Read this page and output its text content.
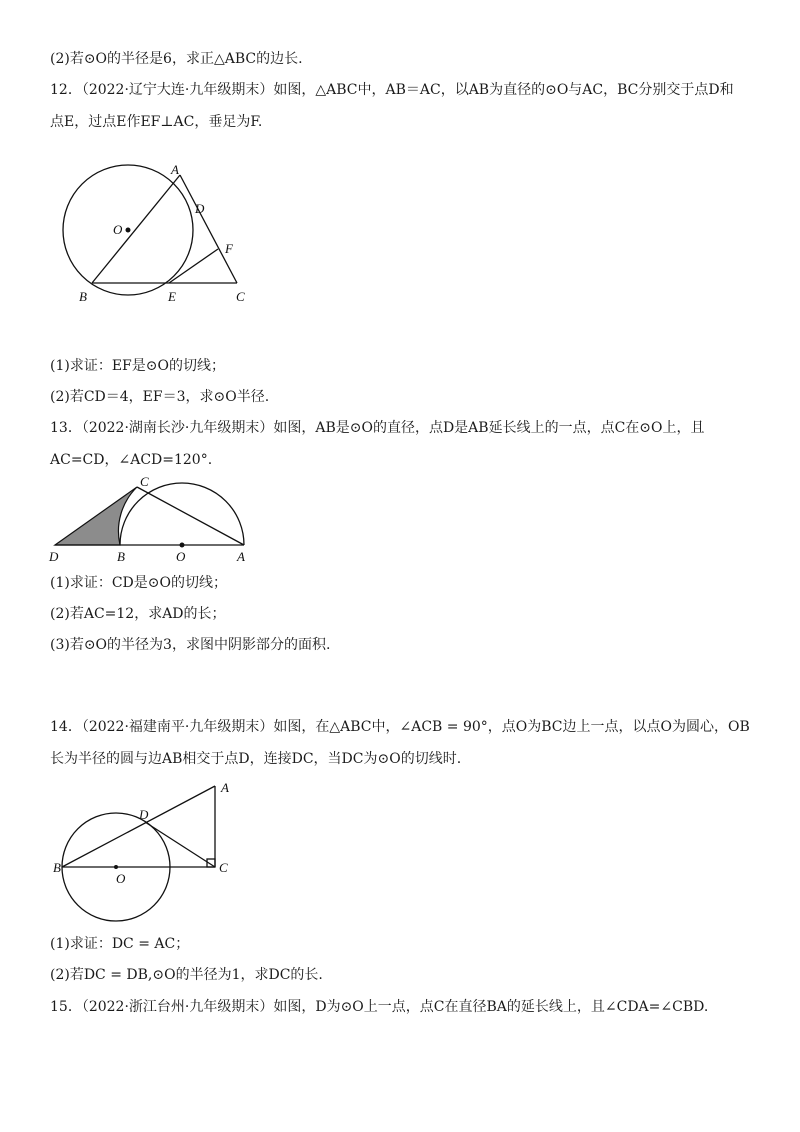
(2)若⊙O的半径是6，求正△ABC的边长.
12．（2022·辽宁大连·九年级期末）如图，△ABC中，AB＝AC，以AB为直径的⊙O与AC，BC分别交于点D和
点E，过点E作EF⊥AC，垂足为F.
A
O
D
F
B	E	C
(1)求证：EF是⊙O的切线；
(2)若CD＝4，EF＝3，求⊙O半径.
13．（2022·湖南长沙·九年级期末）如图，AB是⊙O的直径，点D是AB延长线上的一点，点C在⊙O上，且
AC=CD，∠ACD=120°.
C
D	B	O	A
(1)求证：CD是⊙O的切线；
(2)若AC=12，求AD的长；
(3)若⊙O的半径为3，求图中阴影部分的面积.
14．（2022·福建南平·九年级期末）如图，在△ABC中，∠ACB = 90°，点O为BC边上一点，以点O为圆心，OB
长为半径的圆与边AB相交于点D，连接DC，当DC为⊙O的切线时.
A
D
B
O
C
(1)求证：DC = AC；
(2)若DC = DB,⊙O的半径为1，求DC的长.
15．（2022·浙江台州·九年级期末）如图，D为⊙O上一点，点C在直径BA的延长线上，且∠CDA=∠CBD.
